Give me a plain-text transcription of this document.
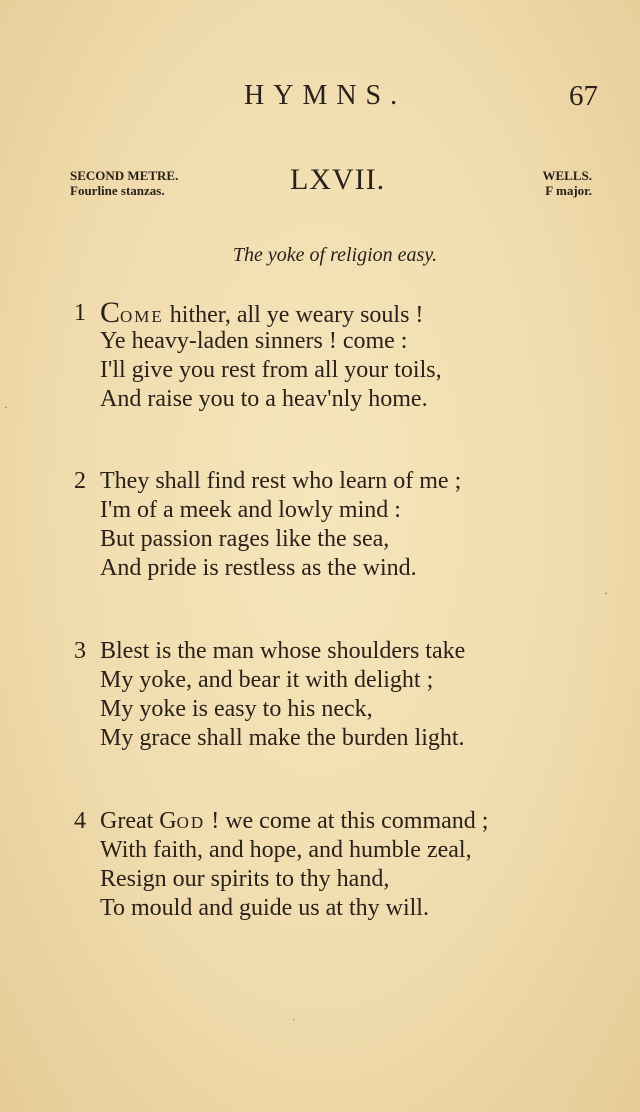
HYMNS.	67
SECOND METRE.
Fourline stanzas.	LXVII.	WELLS.
F major.
The yoke of religion easy.
1 COME hither, all ye weary souls !
Ye heavy-laden sinners ! come :
I'll give you rest from all your toils,
And raise you to a heav'nly home.
2 They shall find rest who learn of me ;
I'm of a meek and lowly mind :
But passion rages like the sea,
And pride is restless as the wind.
3 Blest is the man whose shoulders take
My yoke, and bear it with delight ;
My yoke is easy to his neck,
My grace shall make the burden light.
4 Great GOD ! we come at this command ;
With faith, and hope, and humble zeal,
Resign our spirits to thy hand,
To mould and guide us at thy will.
ˋ
·
ˈ
